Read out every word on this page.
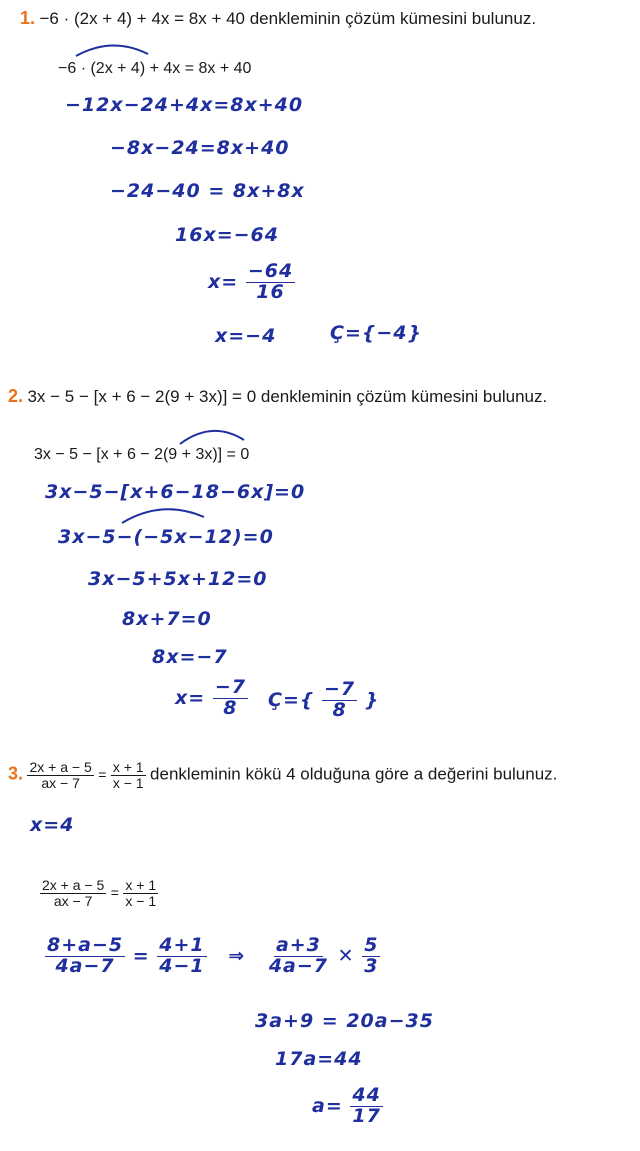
1. −6 · (2x + 4) + 4x = 8x + 40 denkleminin çözüm kümesini bulunuz.
−6 · (2x + 4) + 4x = 8x + 40
−12x−24+4x=8x+40
−8x−24=8x+40
−24−40 = 8x+8x
16x=−64
$x= \frac{-64}{16}$
x=−4	Ç={−4}
2. 3x − 5 − [x + 6 − 2(9 + 3x)] = 0 denkleminin çözüm kümesini bulunuz.
3x − 5 − [x + 6 − 2(9 + 3x)] = 0
3x−5−[x+6−18−6x]=0
3x−5−(−5x−12)=0
3x−5+5x+12=0
8x+7=0
8x=−7
$x= \frac{-7}{8}$ Ç={ $\frac{-7}{8}$ }
3. $\frac{2x + a - 5}{ax - 7} = \frac{x + 1}{x - 1}$ denkleminin kökü 4 olduğuna göre a değerini bulunuz.
x=4
$\frac{2x + a - 5}{ax - 7} = \frac{x + 1}{x - 1}$
$\frac{8+a-5}{4a-7} = \frac{4+1}{4-1}$ ⇒ $\frac{a+3}{4a-7}$ ✕ $\frac{5}{3}$
3a+9 = 20a−35
17a=44
$a= \frac{44}{17}$
